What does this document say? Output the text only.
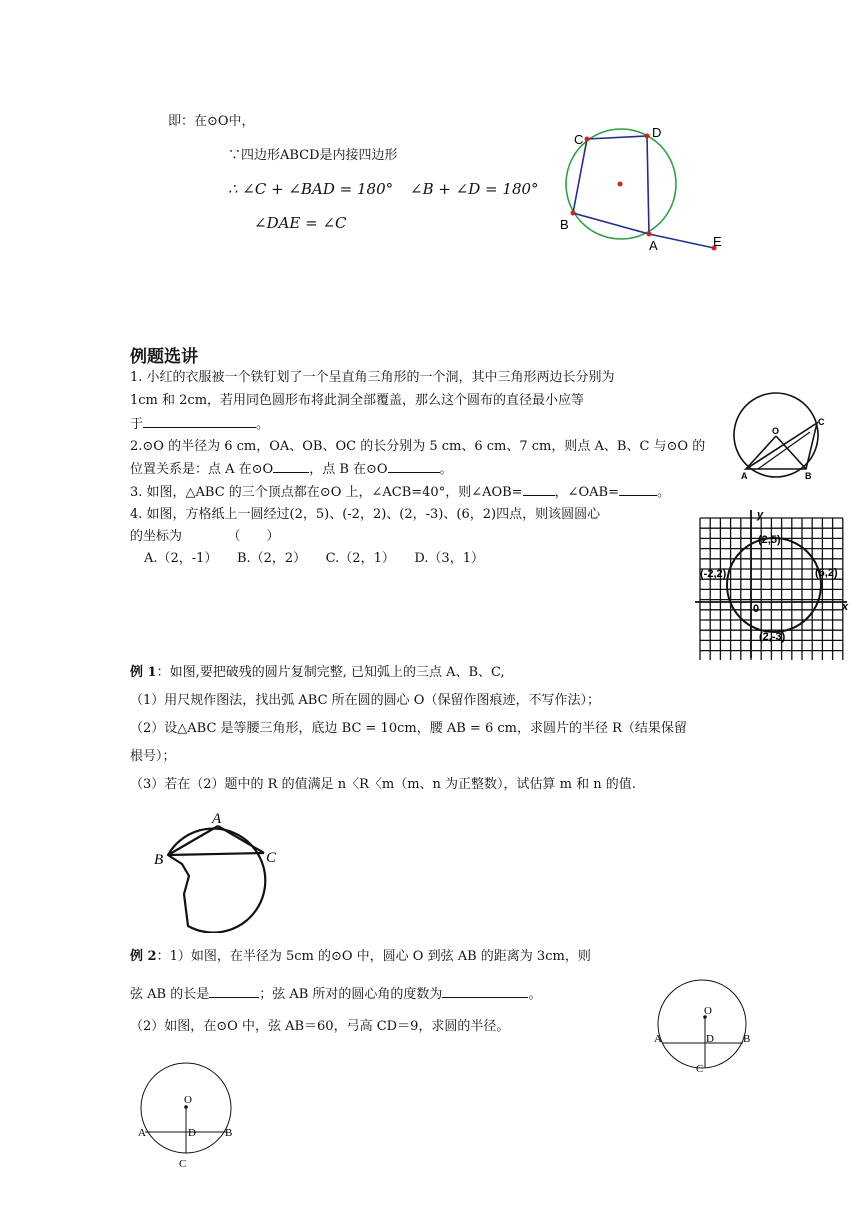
即：在⊙O中，
∵四边形ABCD是内接四边形
∴ ∠C + ∠BAD = 180° ∠B + ∠D = 180°
∠DAE = ∠C
C	D
B
A	E
例题选讲
1. 小红的衣服被一个铁钉划了一个呈直角三角形的一个洞，其中三角形两边长分别为
1cm 和 2cm，若用同色圆形布将此洞全部覆盖，那么这个圆布的直径最小应等
于	。
2.⊙O 的半径为 6 cm，OA、OB、OC 的长分别为 5 cm、6 cm、7 cm，则点 A、B、C 与⊙O 的
位置关系是：点 A 在⊙O	，点 B 在⊙O	。
3. 如图，△ABC 的三个顶点都在⊙O 上，∠ACB=40°，则∠AOB= ，∠OAB=	。
4. 如图，方格纸上一圆经过(2，5)、(-2，2)、(2，-3)、(6，2)四点，则该圆圆心
的坐标为　　　　（　　）
A.（2，-1）　　B.（2，2）　　C.（2，1）　　D.（3，1）
O
A	B
C
y
x
0
(2,5)
(-2,2)	(6,2)
(2,-3)
例 1：如图,要把破残的圆片复制完整, 已知弧上的三点 A、B、C,
（1）用尺规作图法，找出弧 ABC 所在圆的圆心 O（保留作图痕迹，不写作法）；
（2）设△ABC 是等腰三角形，底边 BC = 10cm，腰 AB = 6 cm，求圆片的半径 R（结果保留
根号）；
（3）若在（2）题中的 R 的值满足 n〈R〈m（m、n 为正整数），试估算 m 和 n 的值.
A
B	C
例 2：1）如图，在半径为 5cm 的⊙O 中，圆心 O 到弦 AB 的距离为 3cm，则
弦 AB 的长是	；弦 AB 所对的圆心角的度数为	。
（2）如图，在⊙O 中，弦 AB＝60，弓高 CD＝9，求圆的半径。
O
A	D	B
C
O
A	D	B
C
